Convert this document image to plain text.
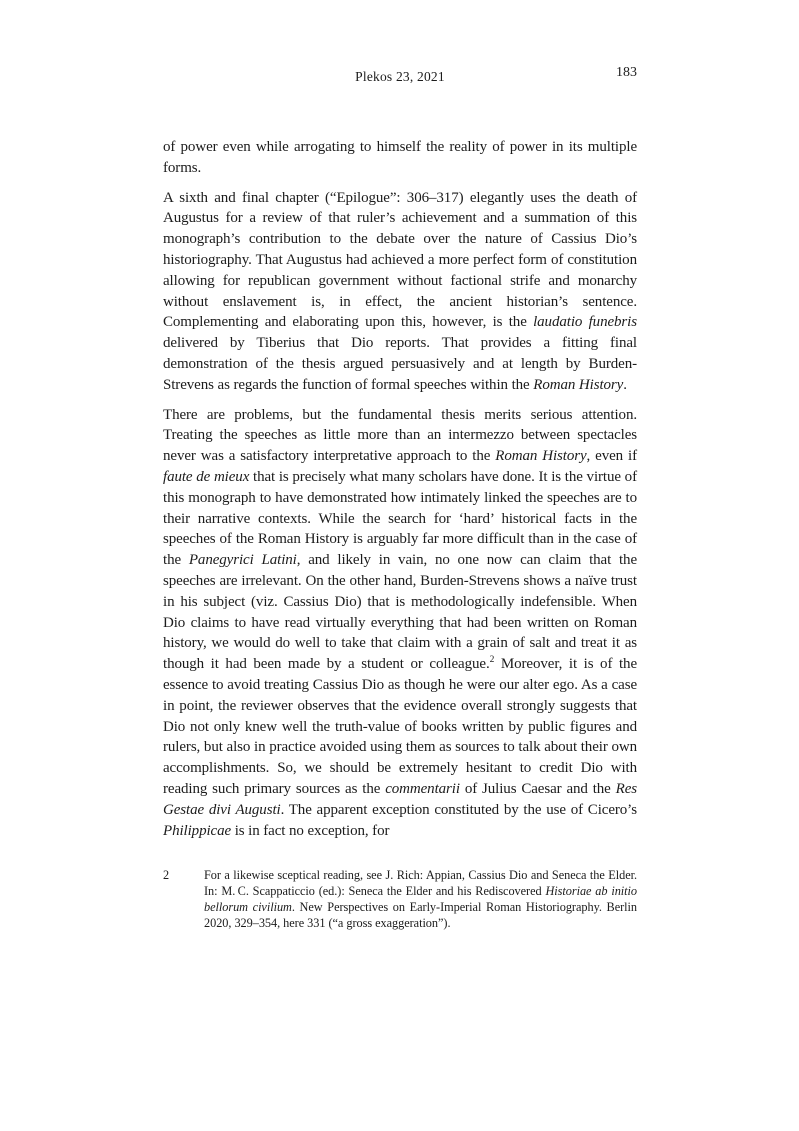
Plekos 23, 2021	183

of power even while arrogating to himself the reality of power in its multiple forms.

A sixth and final chapter (“Epilogue”: 306–317) elegantly uses the death of Augustus for a review of that ruler’s achievement and a summation of this monograph’s contribution to the debate over the nature of Cassius Dio’s historiography. That Augustus had achieved a more perfect form of constitution allowing for republican government without factional strife and monarchy without enslavement is, in effect, the ancient historian’s sentence. Complementing and elaborating upon this, however, is the laudatio funebris delivered by Tiberius that Dio reports. That provides a fitting final demonstration of the thesis argued persuasively and at length by Burden-Strevens as regards the function of formal speeches within the Roman History.

There are problems, but the fundamental thesis merits serious attention. Treating the speeches as little more than an intermezzo between spectacles never was a satisfactory interpretative approach to the Roman History, even if faute de mieux that is precisely what many scholars have done. It is the virtue of this monograph to have demonstrated how intimately linked the speeches are to their narrative contexts. While the search for ‘hard’ historical facts in the speeches of the Roman History is arguably far more difficult than in the case of the Panegyrici Latini, and likely in vain, no one now can claim that the speeches are irrelevant. On the other hand, Burden-Strevens shows a naïve trust in his subject (viz. Cassius Dio) that is methodologically indefensible. When Dio claims to have read virtually everything that had been written on Roman history, we would do well to take that claim with a grain of salt and treat it as though it had been made by a student or colleague.$^2$ Moreover, it is of the essence to avoid treating Cassius Dio as though he were our alter ego. As a case in point, the reviewer observes that the evidence overall strongly suggests that Dio not only knew well the truth-value of books written by public figures and rulers, but also in practice avoided using them as sources to talk about their own accomplishments. So, we should be extremely hesitant to credit Dio with reading such primary sources as the commentarii of Julius Caesar and the Res Gestae divi Augusti. The apparent exception constituted by the use of Cicero’s Philippicae is in fact no exception, for

2	For a likewise sceptical reading, see J. Rich: Appian, Cassius Dio and Seneca the Elder. In: M. C. Scappaticcio (ed.): Seneca the Elder and his Rediscovered Historiae ab initio bellorum civilium. New Perspectives on Early-Imperial Roman Historiography. Berlin 2020, 329–354, here 331 (“a gross exaggeration”).
